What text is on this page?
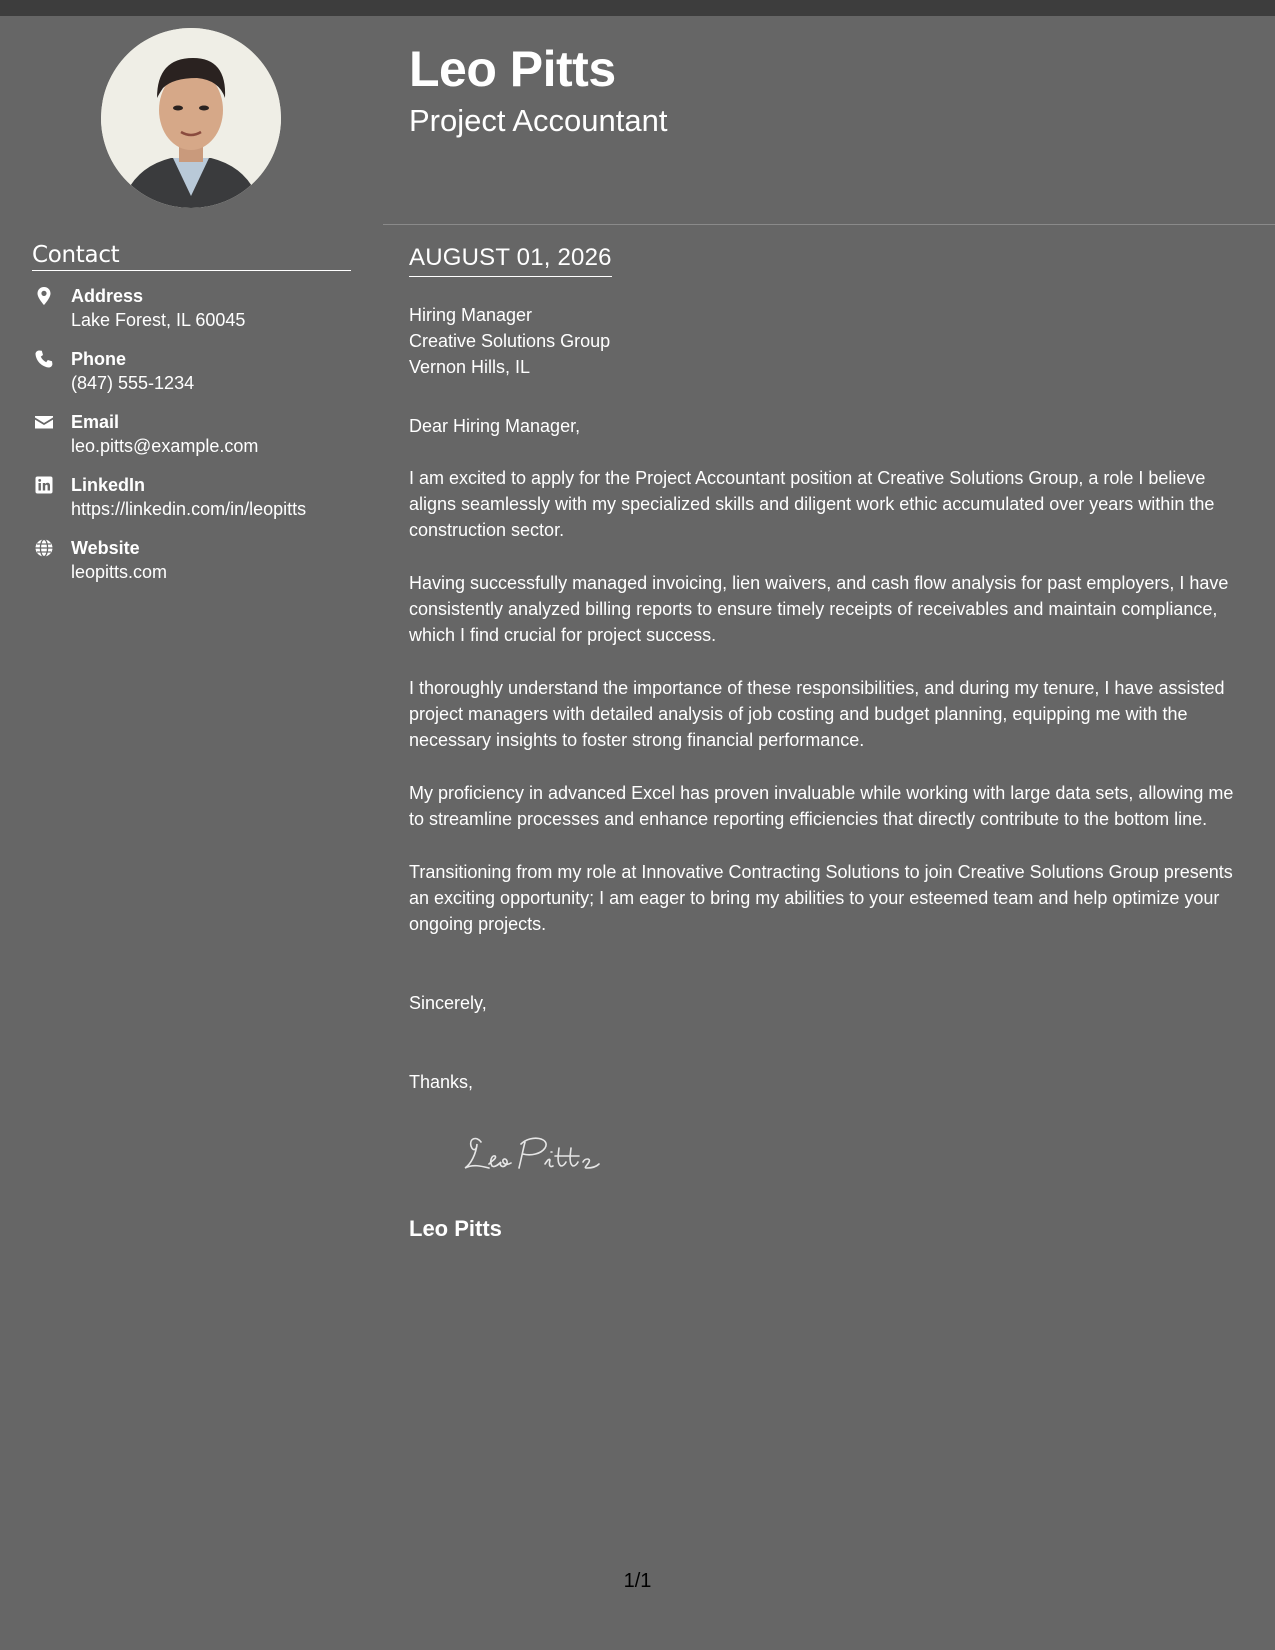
Contact
Address
Lake Forest, IL 60045
Phone
(847) 555-1234
Email
leo.pitts@example.com
LinkedIn
https://linkedin.com/in/leopitts
Website
leopitts.com
Leo Pitts
Project Accountant
AUGUST 01, 2026
Hiring Manager
Creative Solutions Group
Vernon Hills, IL
Dear Hiring Manager,

I am excited to apply for the Project Accountant position at Creative Solutions Group, a role I believe aligns seamlessly with my specialized skills and diligent work ethic accumulated over years within the construction sector.

Having successfully managed invoicing, lien waivers, and cash flow analysis for past employers, I have consistently analyzed billing reports to ensure timely receipts of receivables and maintain compliance, which I find crucial for project success.

I thoroughly understand the importance of these responsibilities, and during my tenure, I have assisted project managers with detailed analysis of job costing and budget planning, equipping me with the necessary insights to foster strong financial performance.

My proficiency in advanced Excel has proven invaluable while working with large data sets, allowing me to streamline processes and enhance reporting efficiencies that directly contribute to the bottom line.

Transitioning from my role at Innovative Contracting Solutions to join Creative Solutions Group presents an exciting opportunity; I am eager to bring my abilities to your esteemed team and help optimize your ongoing projects.

Sincerely,
Thanks,
Leo Pitts
1/1
